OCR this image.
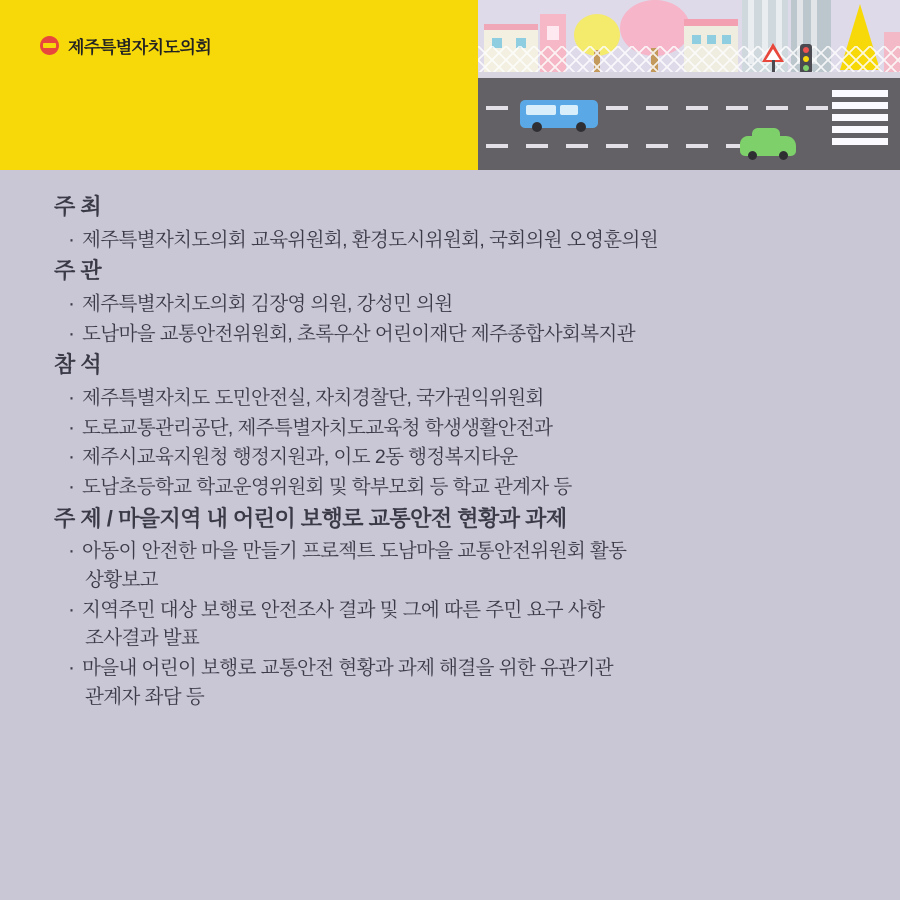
제주특별자치도의회
주 최
· 제주특별자치도의회 교육위원회, 환경도시위원회, 국회의원 오영훈의원
주 관
· 제주특별자치도의회 김장영 의원, 강성민 의원
· 도남마을 교통안전위원회, 초록우산 어린이재단 제주종합사회복지관
참 석
· 제주특별자치도 도민안전실, 자치경찰단, 국가권익위원회
· 도로교통관리공단, 제주특별자치도교육청 학생생활안전과
· 제주시교육지원청 행정지원과, 이도 2동 행정복지타운
· 도남초등학교 학교운영위원회 및 학부모회 등 학교 관계자 등
주 제 / 마을지역 내 어린이 보행로 교통안전 현황과 과제
· 아동이 안전한 마을 만들기 프로젝트 도남마을 교통안전위원회 활동
상황보고
· 지역주민 대상 보행로 안전조사 결과 및 그에 따른 주민 요구 사항
조사결과 발표
· 마을내 어린이 보행로 교통안전 현황과 과제 해결을 위한 유관기관
관계자 좌담 등
